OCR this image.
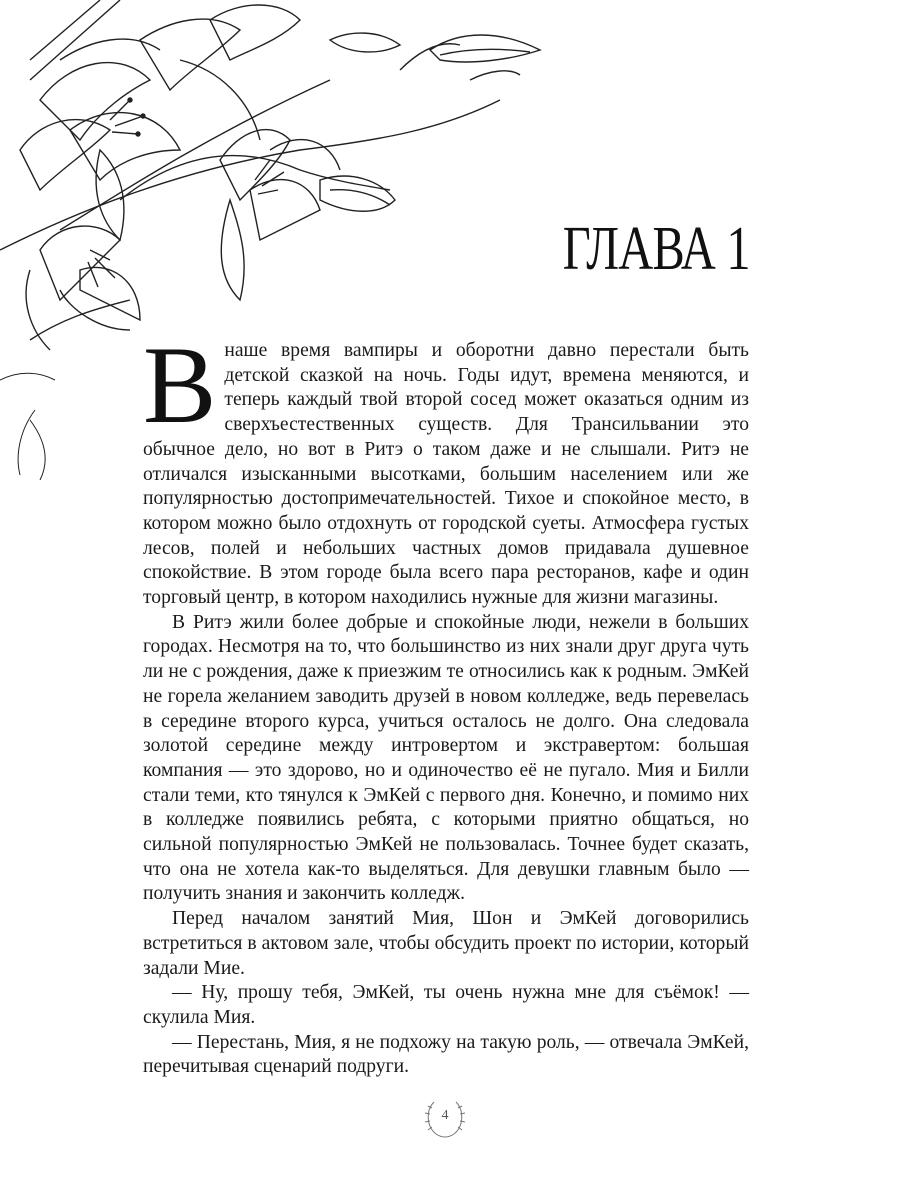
ГЛАВА 1

Внаше время вампиры и оборотни давно перестали быть детской сказкой на ночь. Годы идут, времена меняются, и теперь каждый твой второй сосед может оказаться одним из сверхъестественных существ. Для Трансильвании это обычное дело, но вот в Ритэ о таком даже и не слышали. Ритэ не отличался изысканными высотками, большим населением или же популярностью достопримечательностей. Тихое и спокойное место, в котором можно было отдохнуть от городской суеты. Атмосфера густых лесов, полей и небольших частных домов придавала душевное спокойствие. В этом городе была всего пара ресторанов, кафе и один торговый центр, в котором находились нужные для жизни магазины.

В Ритэ жили более добрые и спокойные люди, нежели в больших городах. Несмотря на то, что большинство из них знали друг друга чуть ли не с рождения, даже к приезжим те относились как к родным. ЭмКей не горела желанием заводить друзей в новом колледже, ведь перевелась в середине второго курса, учиться осталось не долго. Она следовала золотой середине между интровертом и экстравертом: большая компания — это здорово, но и одиночество её не пугало. Мия и Билли стали теми, кто тянулся к ЭмКей с первого дня. Конечно, и помимо них в колледже появились ребята, с которыми приятно общаться, но сильной популярностью ЭмКей не пользовалась. Точнее будет сказать, что она не хотела как-то выделяться. Для девушки главным было — получить знания и закончить колледж.

Перед началом занятий Мия, Шон и ЭмКей договорились встретиться в актовом зале, чтобы обсудить проект по истории, который задали Мие.

— Ну, прошу тебя, ЭмКей, ты очень нужна мне для съёмок! — скулила Мия.

— Перестань, Мия, я не подхожу на такую роль, — отвечала ЭмКей, перечитывая сценарий подруги.

4
